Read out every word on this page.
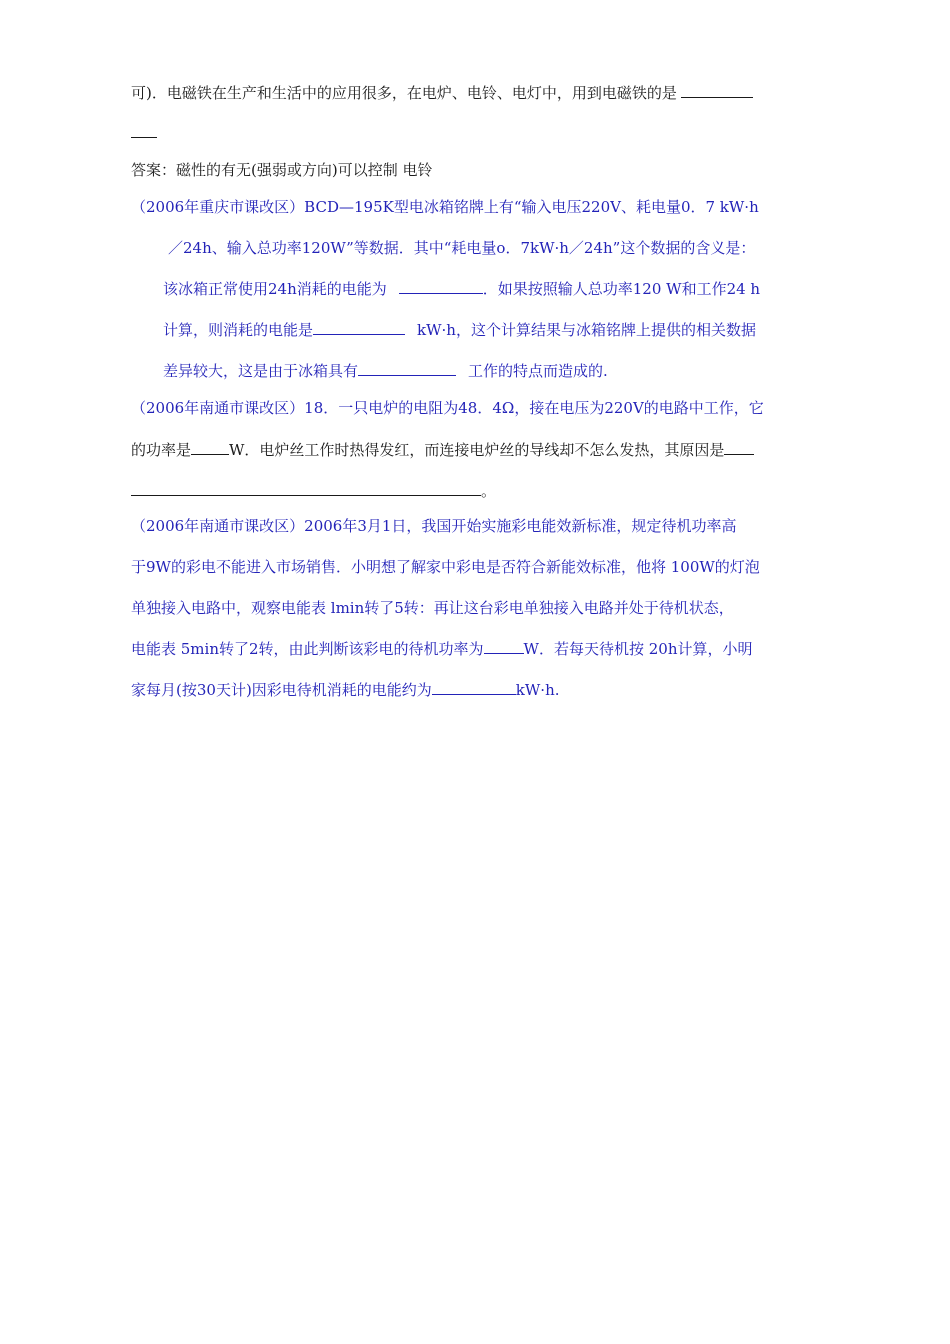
可)．电磁铁在生产和生活中的应用很多，在电炉、电铃、电灯中，用到电磁铁的是
答案：磁性的有无(强弱或方向)可以控制 电铃
（2006年重庆市课改区）BCD—195K型电冰箱铭牌上有“输入电压220V、耗电量0．7 kW·h
／24h、输入总功率120W”等数据．其中“耗电量o．7kW·h／24h”这个数据的含义是：
该冰箱正常使用24h消耗的电能为	．如果按照输人总功率120 W和工作24 h
计算，则消耗的电能是	kW·h，这个计算结果与冰箱铭牌上提供的相关数据
差异较大，这是由于冰箱具有	工作的特点而造成的.
（2006年南通市课改区）18．一只电炉的电阻为48．4Ω，接在电压为220V的电路中工作，它
的功率是	W．电炉丝工作时热得发红，而连接电炉丝的导线却不怎么发热，其原因是
。
（2006年南通市课改区）2006年3月1日，我国开始实施彩电能效新标准，规定待机功率高
于9W的彩电不能进入市场销售．小明想了解家中彩电是否符合新能效标准，他将 100W的灯泡
单独接入电路中，观察电能表 lmin转了5转：再让这台彩电单独接入电路并处于待机状态，
电能表 5min转了2转，由此判断该彩电的待机功率为	W．若每天待机按 20h计算，小明
家每月(按30天计)因彩电待机消耗的电能约为	kW·h.
